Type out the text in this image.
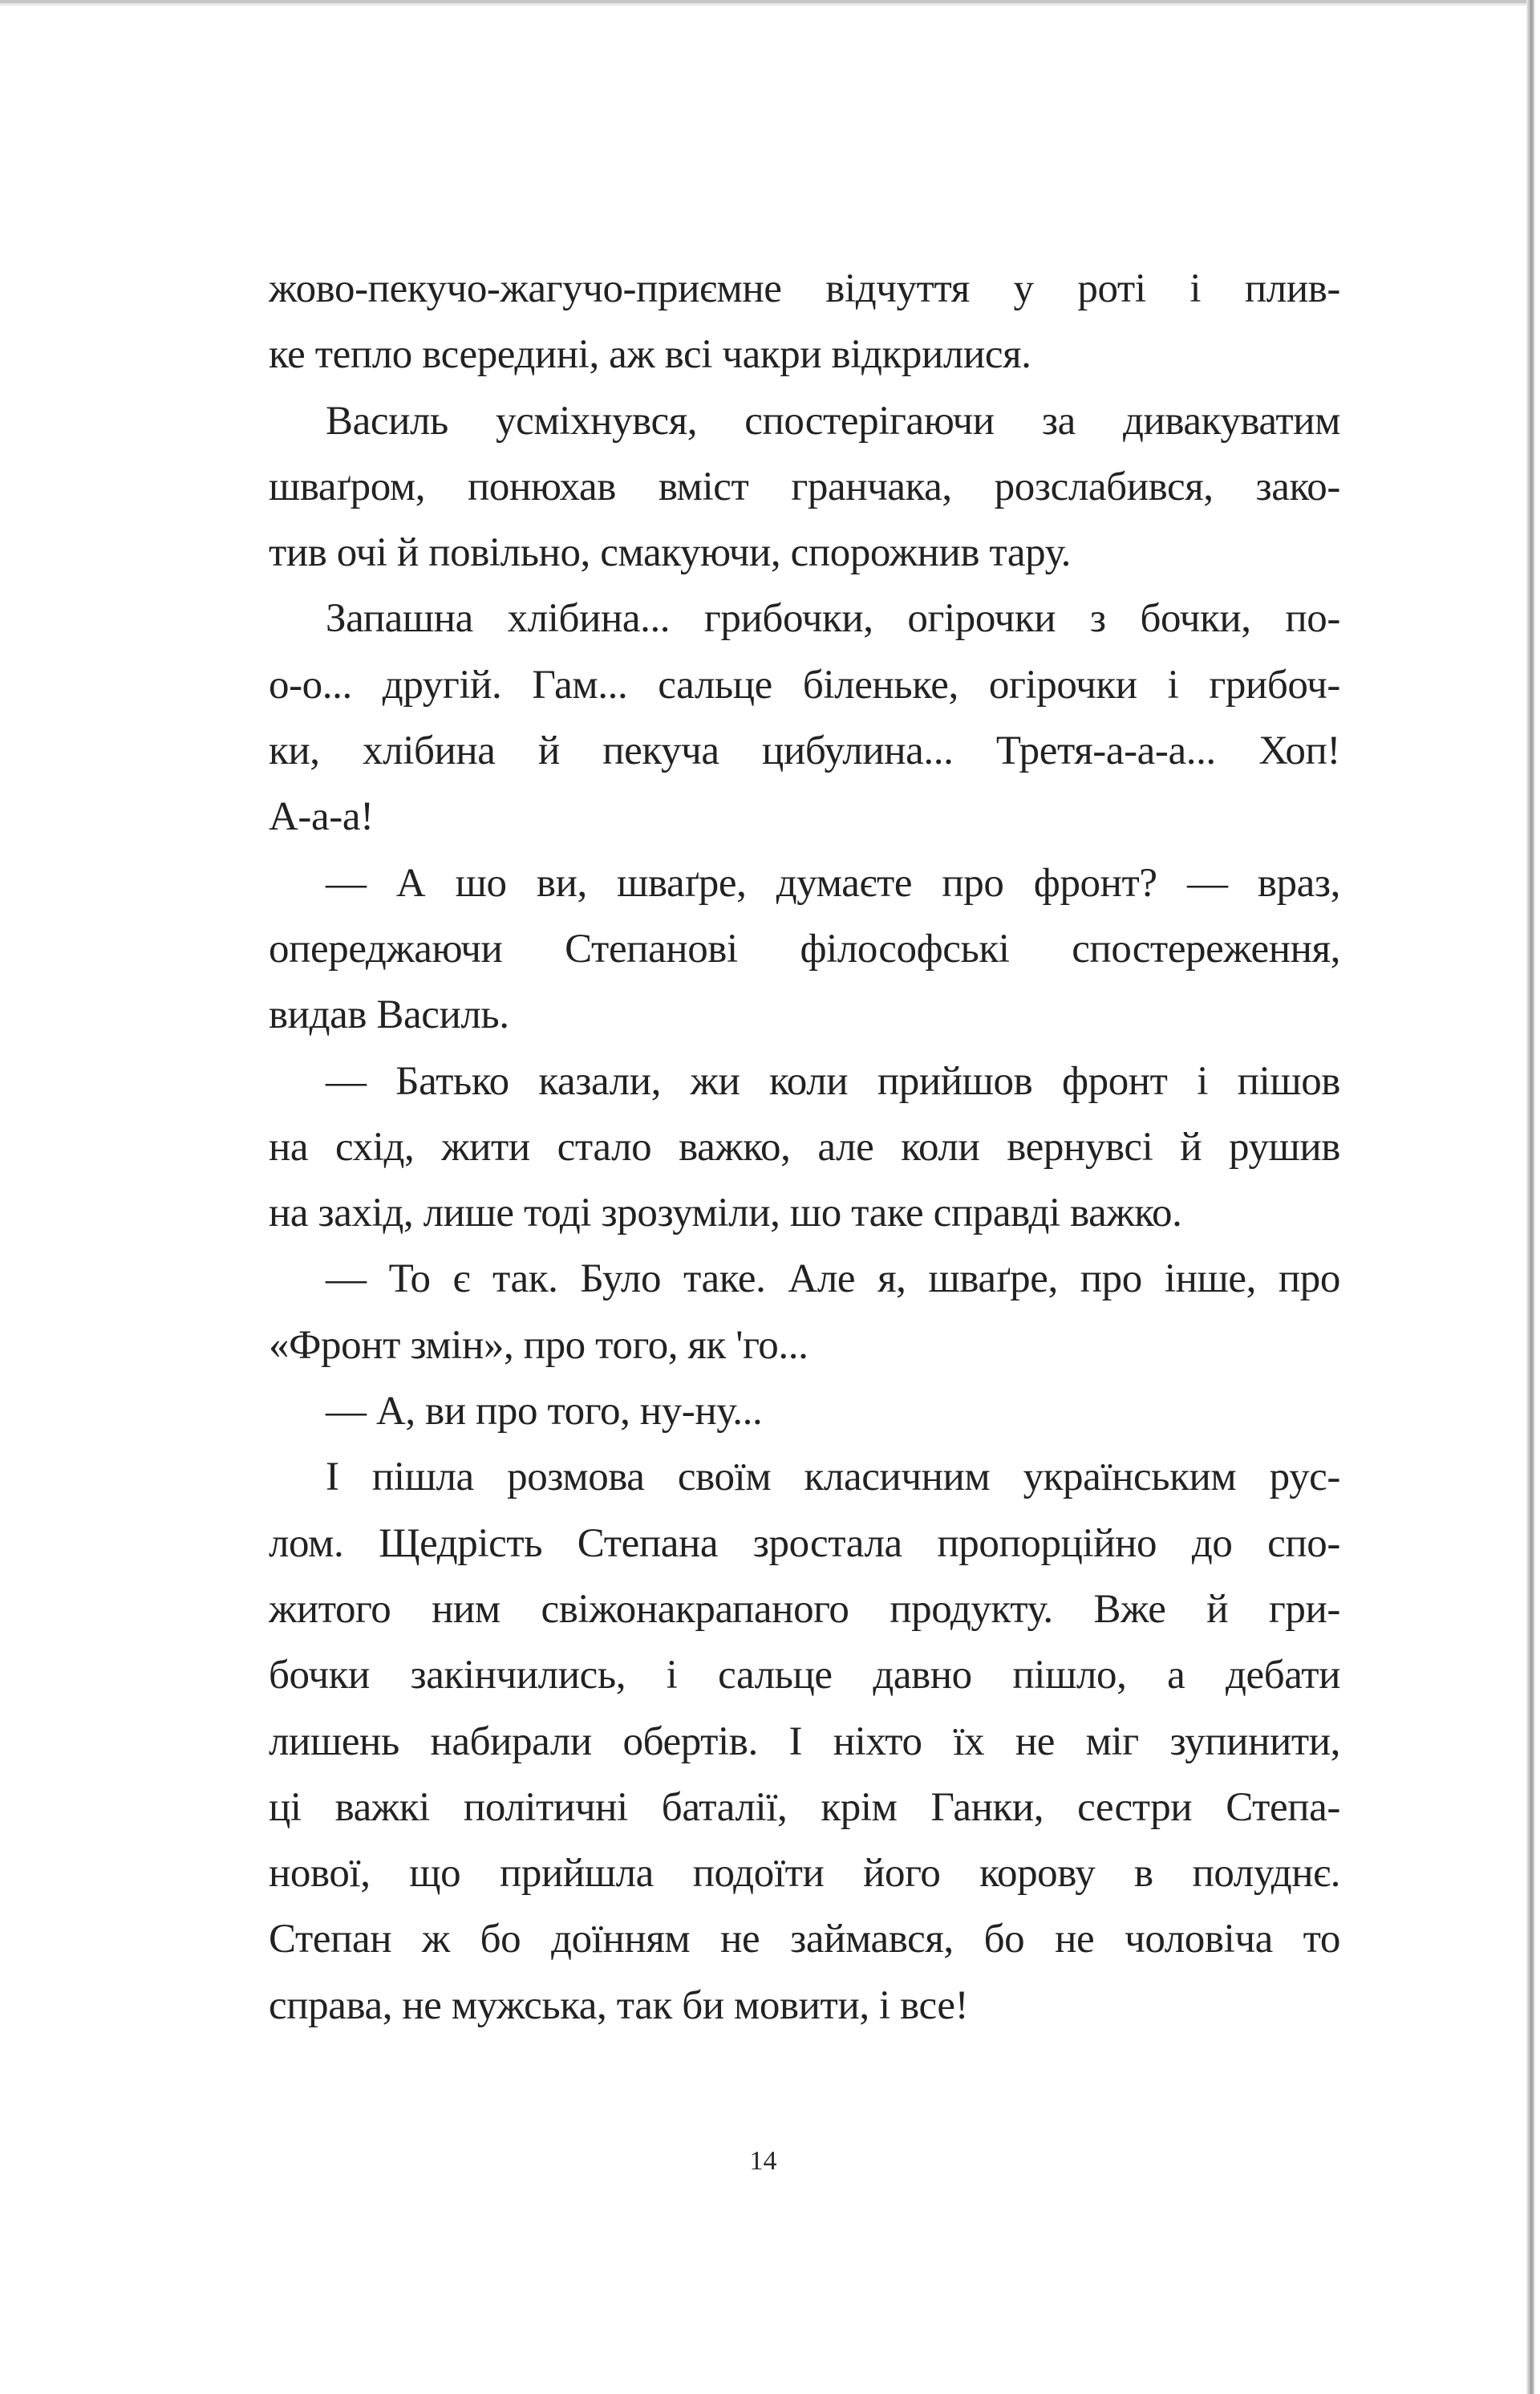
жово-пекучо-жагучо-приємне відчуття у роті і плив-
ке тепло всередині, аж всі чакри відкрилися.
Василь усміхнувся, спостерігаючи за дивакуватим
шваґром, понюхав вміст гранчака, розслабився, зако-
тив очі й повільно, смакуючи, спорожнив тару.
Запашна хлібина... грибочки, огірочки з бочки, по-
о-о... другій. Гам... сальце біленьке, огірочки і грибоч-
ки, хлібина й пекуча цибулина... Третя-а-а-а... Хоп!
А-а-а!
— А шо ви, шваґре, думаєте про фронт? — враз,
опереджаючи Степанові філософські спостереження,
видав Василь.
— Батько казали, жи коли прийшов фронт і пішов
на схід, жити стало важко, але коли вернувсі й рушив
на захід, лише тоді зрозуміли, шо таке справді важко.
— То є так. Було таке. Але я, шваґре, про інше, про
«Фронт змін», про того, як 'го...
— А, ви про того, ну-ну...
І пішла розмова своїм класичним українським рус-
лом. Щедрість Степана зростала пропорційно до спо-
житого ним свіжонакрапаного продукту. Вже й гри-
бочки закінчились, і сальце давно пішло, а дебати
лишень набирали обертів. І ніхто їх не міг зупинити,
ці важкі політичні баталії, крім Ганки, сестри Степа-
нової, що прийшла подоїти його корову в полуднє.
Степан ж бо доїнням не займався, бо не чоловіча то
справа, не мужська, так би мовити, і все!
14
